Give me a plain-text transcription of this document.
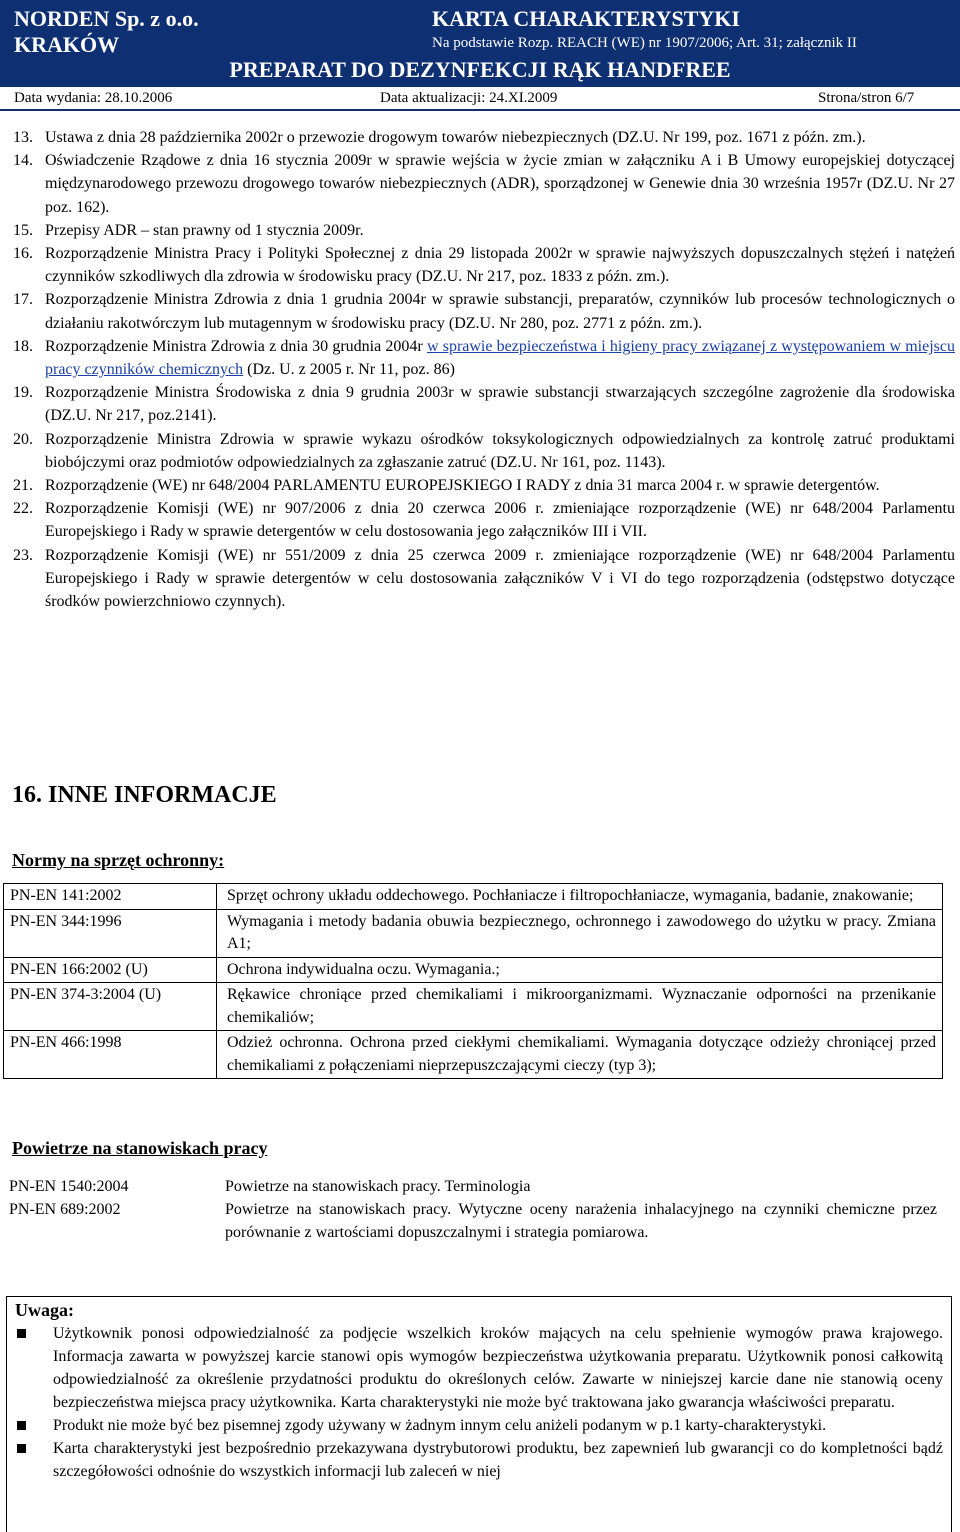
NORDEN Sp. z o.o.
KRAKÓW
KARTA CHARAKTERYSTYKI
Na podstawie Rozp. REACH (WE) nr 1907/2006; Art. 31; załącznik II
PREPARAT DO DEZYNFEKCJI RĄK HANDFREE
Data wydania: 28.10.2006	Data aktualizacji: 24.XI.2009	Strona/stron 6/7
13. Ustawa z dnia 28 października 2002r o przewozie drogowym towarów niebezpiecznych (DZ.U. Nr 199, poz. 1671 z późn. zm.).
14. Oświadczenie Rządowe z dnia 16 stycznia 2009r w sprawie wejścia w życie zmian w załączniku A i B Umowy europejskiej dotyczącej międzynarodowego przewozu drogowego towarów niebezpiecznych (ADR), sporządzonej w Genewie dnia 30 września 1957r (DZ.U. Nr 27 poz. 162).
15. Przepisy ADR – stan prawny od 1 stycznia 2009r.
16. Rozporządzenie Ministra Pracy i Polityki Społecznej z dnia 29 listopada 2002r w sprawie najwyższych dopuszczalnych stężeń i natężeń czynników szkodliwych dla zdrowia w środowisku pracy (DZ.U. Nr 217, poz. 1833 z późn. zm.).
17. Rozporządzenie Ministra Zdrowia z dnia 1 grudnia 2004r w sprawie substancji, preparatów, czynników lub procesów technologicznych o działaniu rakotwórczym lub mutagennym w środowisku pracy (DZ.U. Nr 280, poz. 2771 z późn. zm.).
18. Rozporządzenie Ministra Zdrowia z dnia 30 grudnia 2004r w sprawie bezpieczeństwa i higieny pracy związanej z występowaniem w miejscu pracy czynników chemicznych (Dz. U. z 2005 r. Nr 11, poz. 86)
19. Rozporządzenie Ministra Środowiska z dnia 9 grudnia 2003r w sprawie substancji stwarzających szczególne zagrożenie dla środowiska (DZ.U. Nr 217, poz.2141).
20. Rozporządzenie Ministra Zdrowia w sprawie wykazu ośrodków toksykologicznych odpowiedzialnych za kontrolę zatruć produktami biobójczymi oraz podmiotów odpowiedzialnych za zgłaszanie zatruć (DZ.U. Nr 161, poz. 1143).
21. Rozporządzenie (WE) nr 648/2004 PARLAMENTU EUROPEJSKIEGO I RADY z dnia 31 marca 2004 r. w sprawie detergentów.
22. Rozporządzenie Komisji (WE) nr 907/2006 z dnia 20 czerwca 2006 r. zmieniające rozporządzenie (WE) nr 648/2004 Parlamentu Europejskiego i Rady w sprawie detergentów w celu dostosowania jego załączników III i VII.
23. Rozporządzenie Komisji (WE) nr 551/2009 z dnia 25 czerwca 2009 r. zmieniające rozporządzenie (WE) nr 648/2004 Parlamentu Europejskiego i Rady w sprawie detergentów w celu dostosowania załączników V i VI do tego rozporządzenia (odstępstwo dotyczące środków powierzchniowo czynnych).
16. INNE INFORMACJE
Normy na sprzęt ochronny:
PN-EN 141:2002	Sprzęt ochrony układu oddechowego. Pochłaniacze i filtropochłaniacze, wymagania, badanie, znakowanie;
PN-EN 344:1996	Wymagania i metody badania obuwia bezpiecznego, ochronnego i zawodowego do użytku w pracy. Zmiana A1;
PN-EN 166:2002 (U)	Ochrona indywidualna oczu. Wymagania.;
PN-EN 374-3:2004 (U)	Rękawice chroniące przed chemikaliami i mikroorganizmami. Wyznaczanie odporności na przenikanie chemikaliów;
PN-EN 466:1998	Odzież ochronna. Ochrona przed ciekłymi chemikaliami. Wymagania dotyczące odzieży chroniącej przed chemikaliami z połączeniami nieprzepuszczającymi cieczy (typ 3);
Powietrze na stanowiskach pracy
PN-EN 1540:2004	Powietrze na stanowiskach pracy. Terminologia
PN-EN 689:2002	Powietrze na stanowiskach pracy. Wytyczne oceny narażenia inhalacyjnego na czynniki chemiczne przez porównanie z wartościami dopuszczalnymi i strategia pomiarowa.
Uwaga:
Użytkownik ponosi odpowiedzialność za podjęcie wszelkich kroków mających na celu spełnienie wymogów prawa krajowego. Informacja zawarta w powyższej karcie stanowi opis wymogów bezpieczeństwa użytkowania preparatu. Użytkownik ponosi całkowitą odpowiedzialność za określenie przydatności produktu do określonych celów. Zawarte w niniejszej karcie dane nie stanowią oceny bezpieczeństwa miejsca pracy użytkownika. Karta charakterystyki nie może być traktowana jako gwarancja właściwości preparatu.
Produkt nie może być bez pisemnej zgody używany w żadnym innym celu aniżeli podanym w p.1 karty-charakterystyki.
Karta charakterystyki jest bezpośrednio przekazywana dystrybutorowi produktu, bez zapewnień lub gwarancji co do kompletności bądź szczegółowości odnośnie do wszystkich informacji lub zaleceń w niej
